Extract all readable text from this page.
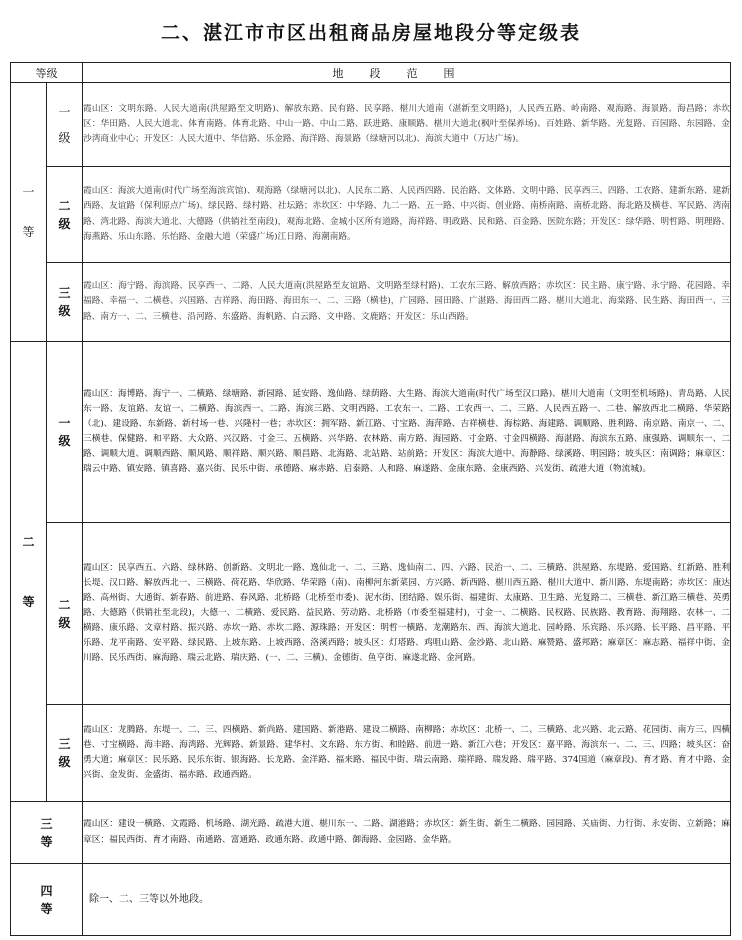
二、湛江市市区出租商品房屋地段分等定级表
等级		地段范围

一等	一级	霞山区：文明东路、人民大道南(洪屋路至文明路)、解放东路、民有路、民享路、椹川大道南（湛新至文明路)，人民西五路、岭南路、观海路、海景路、海昌路；赤坎区：华田路、人民大道北、体育南路、体育北路、中山一路、中山二路、跃进路、康顺路、椹川大道北(枫叶至保养场)、百姓路、新华路、光复路、百园路、东园路、金沙湾商业中心；开发区：人民大道中、华信路、乐金路、海洋路、海景路（绿塘河以北)、海滨大道中（万达广场)。

	二级	霞山区：海滨大道南(时代广场至海滨宾馆)、观海路（绿塘河以北)、人民东二路、人民西四路、民治路、文体路、文明中路、民享西三、四路、工农路、建新东路、建新西路、友谊路（保利原点广场)、绿民路、绿村路、社坛路；赤坎区：中华路、九二一路、五一路、中兴街、创业路、南桥南路、南桥北路、海北路及横巷、军民路、湾南路、湾北路、海滨大道北、大德路（供销社至南段)，观海北路、金城小区所有道路，海祥路、明政路、民和路、百金路、医院东路；开发区：绿华路、明哲路、明理路、海燕路、乐山东路、乐怡路、金融大道（荣盛广场)江日路、海潮南路。

	三级	霞山区：海宁路、海滨路、民享西一、二路、人民大道南(洪屋路至友谊路、文明路至绿村路)、工农东三路、解放西路；赤坎区：民主路、康宁路、永宁路、花园路、幸福路、幸福一、二横巷、兴国路、吉祥路、海田路、海田东一、二、三路（横巷)，广园路、园田路、广湛路、海田西二路、椹川大道北、海棠路、民生路、海田西一、三路、南方一、二、三横巷、沿河路、东盛路、海帆路、白云路、文申路、文鹿路；开发区：乐山西路。

二等	一级	霞山区：海博路、海宁一、二横路、绿塘路、新园路、延安路、逸仙路、绿荫路、大生路、海滨大道南(时代广场至汉口路)、椹川大道南（文明至机场路)、青岛路、人民东一路、友谊路、友谊一、二横路、海滨西一、二路、海滨三路、文明西路、工农东一、二路、工农西一、二、三路、人民西五路一、二巷、解放西北二横路、华荣路（北)、建设路、东新路、新村场一巷、兴隆村一巷；赤坎区：拥军路、新江路、寸宝路、海萍路、吉祥横巷、海棕路、海建路、调顺路、胜利路、南京路、南京一、二、三横巷、保健路、和平路、大众路、兴汉路、寸金三、五横路、兴华路、农林路、南方路、海园路、寸金路、寸金四横路、海湛路、海滨东五路、康强路、调顺东一、二路、调顺大道、调顺西路、顺风路、顺祥路、顺兴路、顺昌路、北海路、北站路、站前路；开发区：海滨大道中、海静路、绿溪路、明园路；坡头区：南调路；麻章区：瑞云中路、镇安路、镇喜路、嘉兴街、民乐中街、承德路、麻赤路、启泰路、人和路、麻遂路、金康东路、金康西路、兴发街、疏港大道（物流城)。

	二级	霞山区：民享西五、六路、绿林路、创新路、文明北一路、逸仙北一、二、三路、逸仙南二、四、六路、民治一、二、三横路、洪屋路、东堤路、爱国路、红新路、胜利长堤、汉口路、解放西北一、三横路、荷花路、华欣路、华荣路（南)、南柳河东新菜园、方兴路、新西路、椹川西五路、椹川大道中、新川路、东堤南路；赤坎区：康达路、高州街、大通街、新春路、前进路、春风路、北桥路（北桥至市委)、泥水街、团结路、娱乐街、福建街、太康路、卫生路、光复路二、三横巷、新江路三横巷、英勇路、大德路（供销社至北段)，大德一、二横路、爱民路、益民路、劳动路、北桥路（市委至福建村)，寸金一、二横路、民权路、民族路、教育路、海翔路、农林一、二横路、康乐路、文章村路、振兴路、赤坎一路、赤坎二路、源珠路；开发区：明哲一横路、龙潮路东、西、海滨大道北、园岭路、乐宾路、乐兴路、长平路、昌平路、平乐路、龙平南路、安平路、绿民路、上坡东路、上坡西路、洛溪西路；坡头区：灯塔路、鸡咀山路、金沙路、北山路、麻赞路、盛邦路；麻章区：麻志路、福祥中街、金川路、民乐西街、麻海路、瑞云北路、瑞庆路、(一、二、三横)、金德街、鱼亨街、麻遂北路、金河路。

	三级	霞山区：龙腾路、东堤一、二、三、四横路、新尚路、建国路、新港路、建设二横路、南柳路；赤坎区：北桥一、二、三横路、北兴路、北云路、花园街、南方三、四横巷、寸宝横路、海丰路、海湾路、光辉路、新景路、建华村、文东路、东方街、和睦路、前进一路、新江六巷；开发区：嘉平路、海滨东一、二、三、四路；坡头区：奋勇大道；麻章区：民乐路、民乐东街、银海路、长龙路、金洋路、福来路、福民中街、瑞云南路、瑞祥路、瑞发路、瑞平路、374国道（麻章段)、育才路、育才中路、金兴街、金发街、金盛街、福赤路、政通西路。

三等		霞山区：建设一横路、文霞路、机场路、湖光路、疏港大道、椹川东一、二路、湖港路；赤坎区：新生街、新生二横路、园园路、关庙街、力行街、永安街、立新路；麻章区：福民西街、育才南路、南通路、富通路、政通东路、政通中路、御海路、金园路、金华路。

四等		除一、二、三等以外地段。
